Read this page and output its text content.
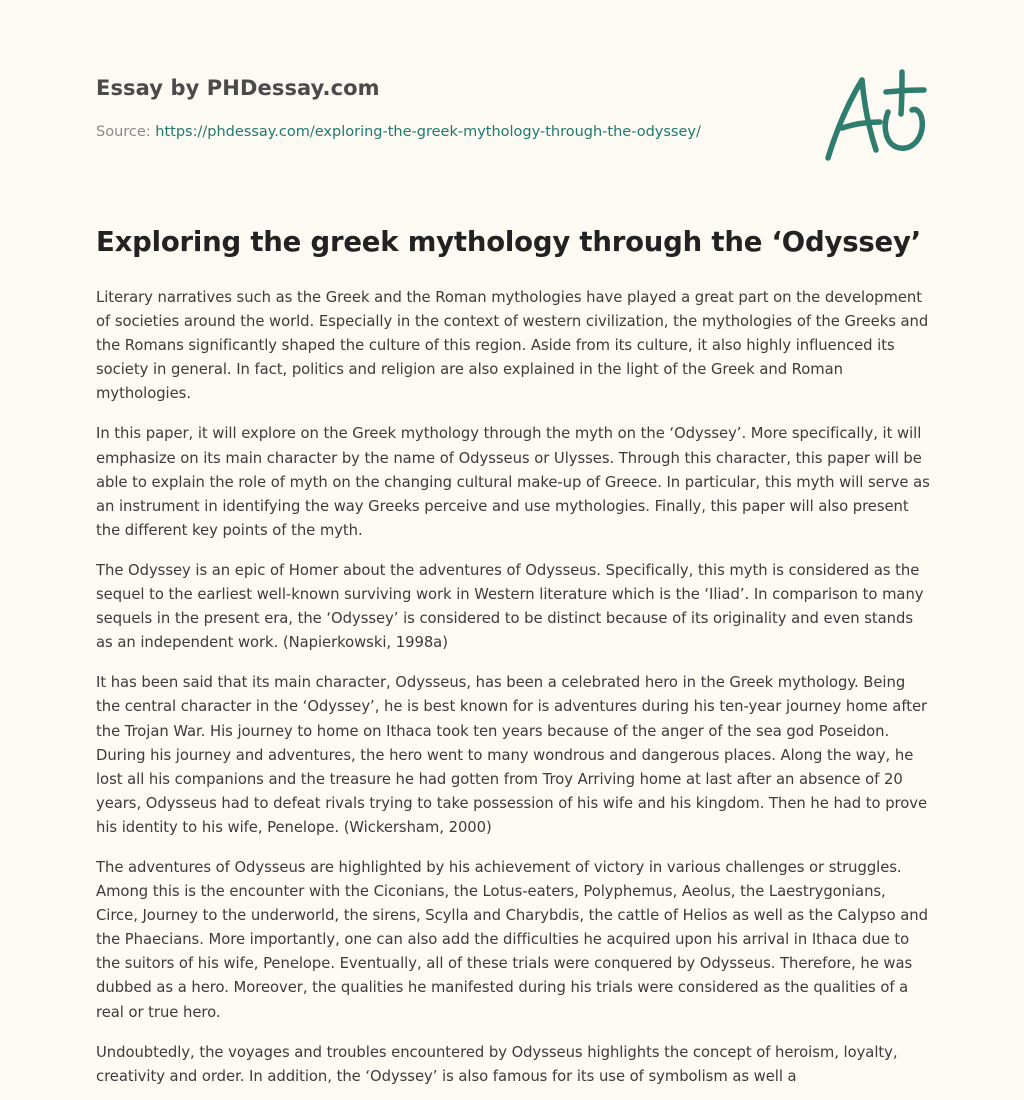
Essay by PHDessay.com
Source: https://phdessay.com/exploring-the-greek-mythology-through-the-odyssey/
Exploring the greek mythology through the ‘Odyssey’

Literary narratives such as the Greek and the Roman mythologies have played a great part on the development of societies around the world. Especially in the context of western civilization, the mythologies of the Greeks and the Romans significantly shaped the culture of this region. Aside from its culture, it also highly influenced its society in general. In fact, politics and religion are also explained in the light of the Greek and Roman mythologies.

In this paper, it will explore on the Greek mythology through the myth on the ‘Odyssey’. More specifically, it will emphasize on its main character by the name of Odysseus or Ulysses. Through this character, this paper will be able to explain the role of myth on the changing cultural make-up of Greece. In particular, this myth will serve as an instrument in identifying the way Greeks perceive and use mythologies. Finally, this paper will also present the different key points of the myth.

The Odyssey is an epic of Homer about the adventures of Odysseus. Specifically, this myth is considered as the sequel to the earliest well-known surviving work in Western literature which is the ‘Iliad’. In comparison to many sequels in the present era, the ‘Odyssey’ is considered to be distinct because of its originality and even stands as an independent work. (Napierkowski, 1998a)

It has been said that its main character, Odysseus, has been a celebrated hero in the Greek mythology. Being the central character in the ‘Odyssey’, he is best known for is adventures during his ten-year journey home after the Trojan War. His journey to home on Ithaca took ten years because of the anger of the sea god Poseidon. During his journey and adventures, the hero went to many wondrous and dangerous places. Along the way, he lost all his companions and the treasure he had gotten from Troy Arriving home at last after an absence of 20 years, Odysseus had to defeat rivals trying to take possession of his wife and his kingdom. Then he had to prove his identity to his wife, Penelope. (Wickersham, 2000)

The adventures of Odysseus are highlighted by his achievement of victory in various challenges or struggles. Among this is the encounter with the Ciconians, the Lotus-eaters, Polyphemus, Aeolus, the Laestrygonians, Circe, Journey to the underworld, the sirens, Scylla and Charybdis, the cattle of Helios as well as the Calypso and the Phaecians. More importantly, one can also add the difficulties he acquired upon his arrival in Ithaca due to the suitors of his wife, Penelope. Eventually, all of these trials were conquered by Odysseus. Therefore, he was dubbed as a hero. Moreover, the qualities he manifested during his trials were considered as the qualities of a real or true hero.

Undoubtedly, the voyages and troubles encountered by Odysseus highlights the concept of heroism, loyalty, creativity and order. In addition, the ‘Odyssey’ is also famous for its use of symbolism as well a
